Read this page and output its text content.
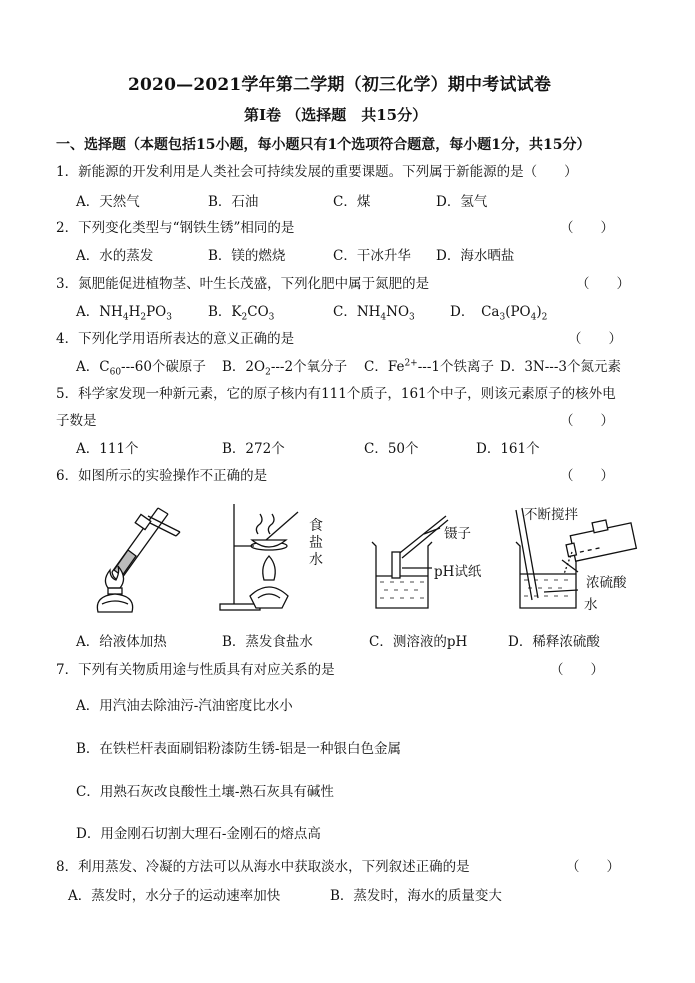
2020—2021学年第二学期（初三化学）期中考试试卷
第Ⅰ卷 （选择题　共15分）
一、选择题（本题包括15小题，每小题只有1个选项符合题意，每小题1分，共15分）
1．新能源的开发利用是人类社会可持续发展的重要课题。下列属于新能源的是（　　）
A．天然气	B．石油	C．煤	D．氢气
2．下列变化类型与“钢铁生锈”相同的是	（　　）
A．水的蒸发	B．镁的燃烧	C．干冰升华 D．海水晒盐
3．氮肥能促进植物茎、叶生长茂盛，下列化肥中属于氮肥的是	（　　）
A．$NH_4H_2PO_3$	B．$K_2CO_3$	C．$NH_4NO_3$	D．　$Ca_3(PO_4)_2$
4．下列化学用语所表达的意义正确的是	（　　）
A．$C_{60}---60$个碳原子 B．$2O_2---2$个氧分子 C．$Fe^{2+}---1$个铁离子 D．3N---3个氮元素
5．科学家发现一种新元素，它的原子核内有111个质子，161个中子，则该元素原子的核外电
子数是	（　　）
A．111个	B．272个	C．50个	D．161个
6．如图所示的实验操作不正确的是	（　　）
食
盐
水
镊子
pH试纸
不断搅拌
浓硫酸
水
A．给液体加热	B．蒸发食盐水	C．测溶液的pH	D．稀释浓硫酸
7．下列有关物质用途与性质具有对应关系的是	（　　）
A．用汽油去除油污-汽油密度比水小
B．在铁栏杆表面刷铝粉漆防生锈-铝是一种银白色金属
C．用熟石灰改良酸性土壤-熟石灰具有碱性
D．用金刚石切割大理石-金刚石的熔点高
8．利用蒸发、冷凝的方法可以从海水中获取淡水，下列叙述正确的是	（　　）
A．蒸发时，水分子的运动速率加快	B．蒸发时，海水的质量变大
